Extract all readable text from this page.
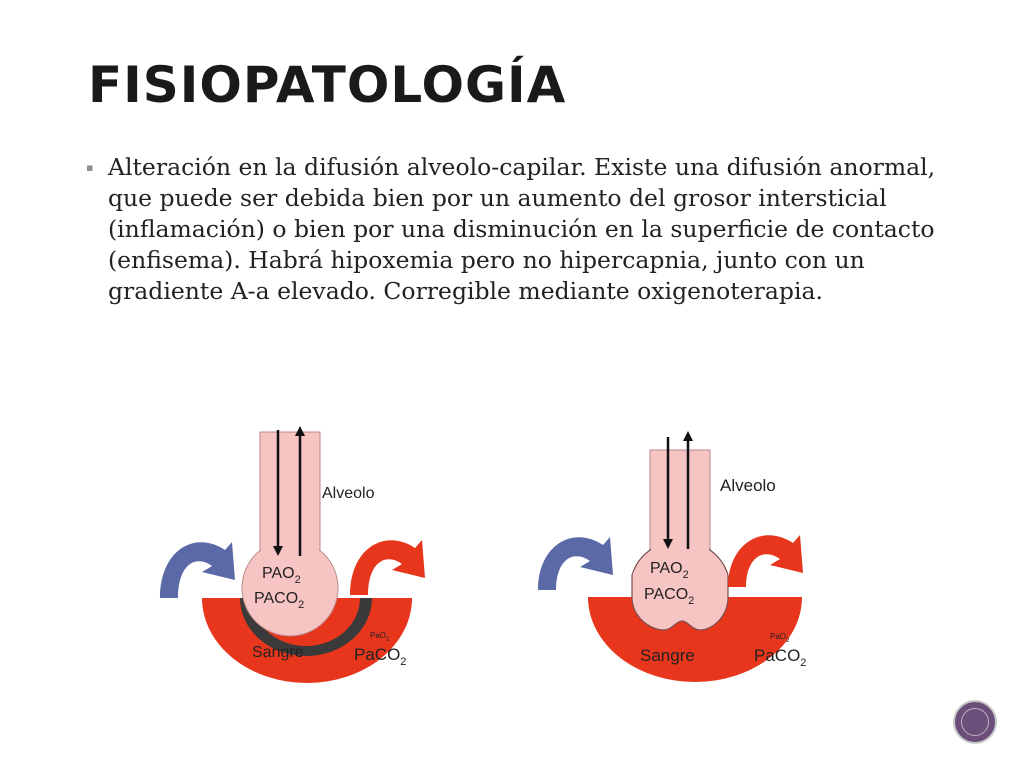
FISIOPATOLOGÍA
▪ Alteración en la difusión alveolo-capilar. Existe una difusión anormal, que puede ser debida bien por un aumento del grosor intersticial (inflamación) o bien por una disminución en la superficie de contacto (enfisema). Habrá hipoxemia pero no hipercapnia, junto con un gradiente A-a elevado. Corregible mediante oxigenoterapia.

Alveolo
$PAO_2$
$PACO_2$
Sangre
PaO$_2$
PaCO$_2$
Alveolo
$PAO_2$
$PACO_2$
Sangre
PaO$_2$
PaCO$_2$
